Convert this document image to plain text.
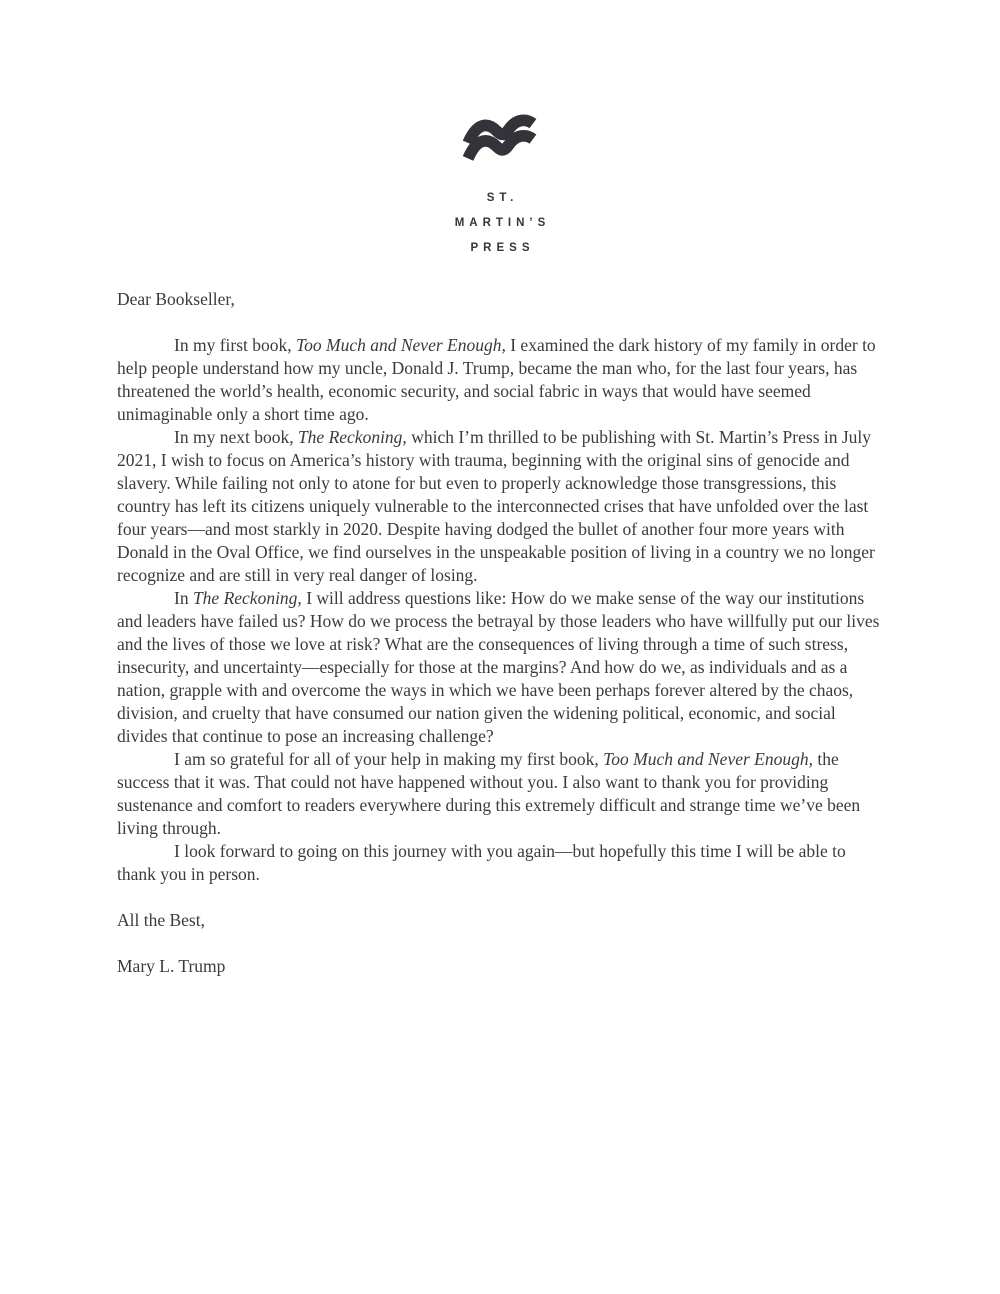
ST.
MARTIN’S
PRESS

Dear Bookseller,

In my first book, Too Much and Never Enough, I examined the dark history of my family in order to help people understand how my uncle, Donald J. Trump, became the man who, for the last four years, has threatened the world’s health, economic security, and social fabric in ways that would have seemed unimaginable only a short time ago.

In my next book, The Reckoning, which I’m thrilled to be publishing with St. Martin’s Press in July 2021, I wish to focus on America’s history with trauma, beginning with the original sins of genocide and slavery. While failing not only to atone for but even to properly acknowledge those transgressions, this country has left its citizens uniquely vulnerable to the interconnected crises that have unfolded over the last four years—and most starkly in 2020. Despite having dodged the bullet of another four more years with Donald in the Oval Office, we find ourselves in the unspeakable position of living in a country we no longer recognize and are still in very real danger of losing.

In The Reckoning, I will address questions like: How do we make sense of the way our institutions and leaders have failed us? How do we process the betrayal by those leaders who have willfully put our lives and the lives of those we love at risk? What are the consequences of living through a time of such stress, insecurity, and uncertainty—especially for those at the margins? And how do we, as individuals and as a nation, grapple with and overcome the ways in which we have been perhaps forever altered by the chaos, division, and cruelty that have consumed our nation given the widening political, economic, and social divides that continue to pose an increasing challenge?

I am so grateful for all of your help in making my first book, Too Much and Never Enough, the success that it was. That could not have happened without you. I also want to thank you for providing sustenance and comfort to readers everywhere during this extremely difficult and strange time we’ve been living through.

I look forward to going on this journey with you again—but hopefully this time I will be able to thank you in person.

All the Best,

Mary L. Trump
